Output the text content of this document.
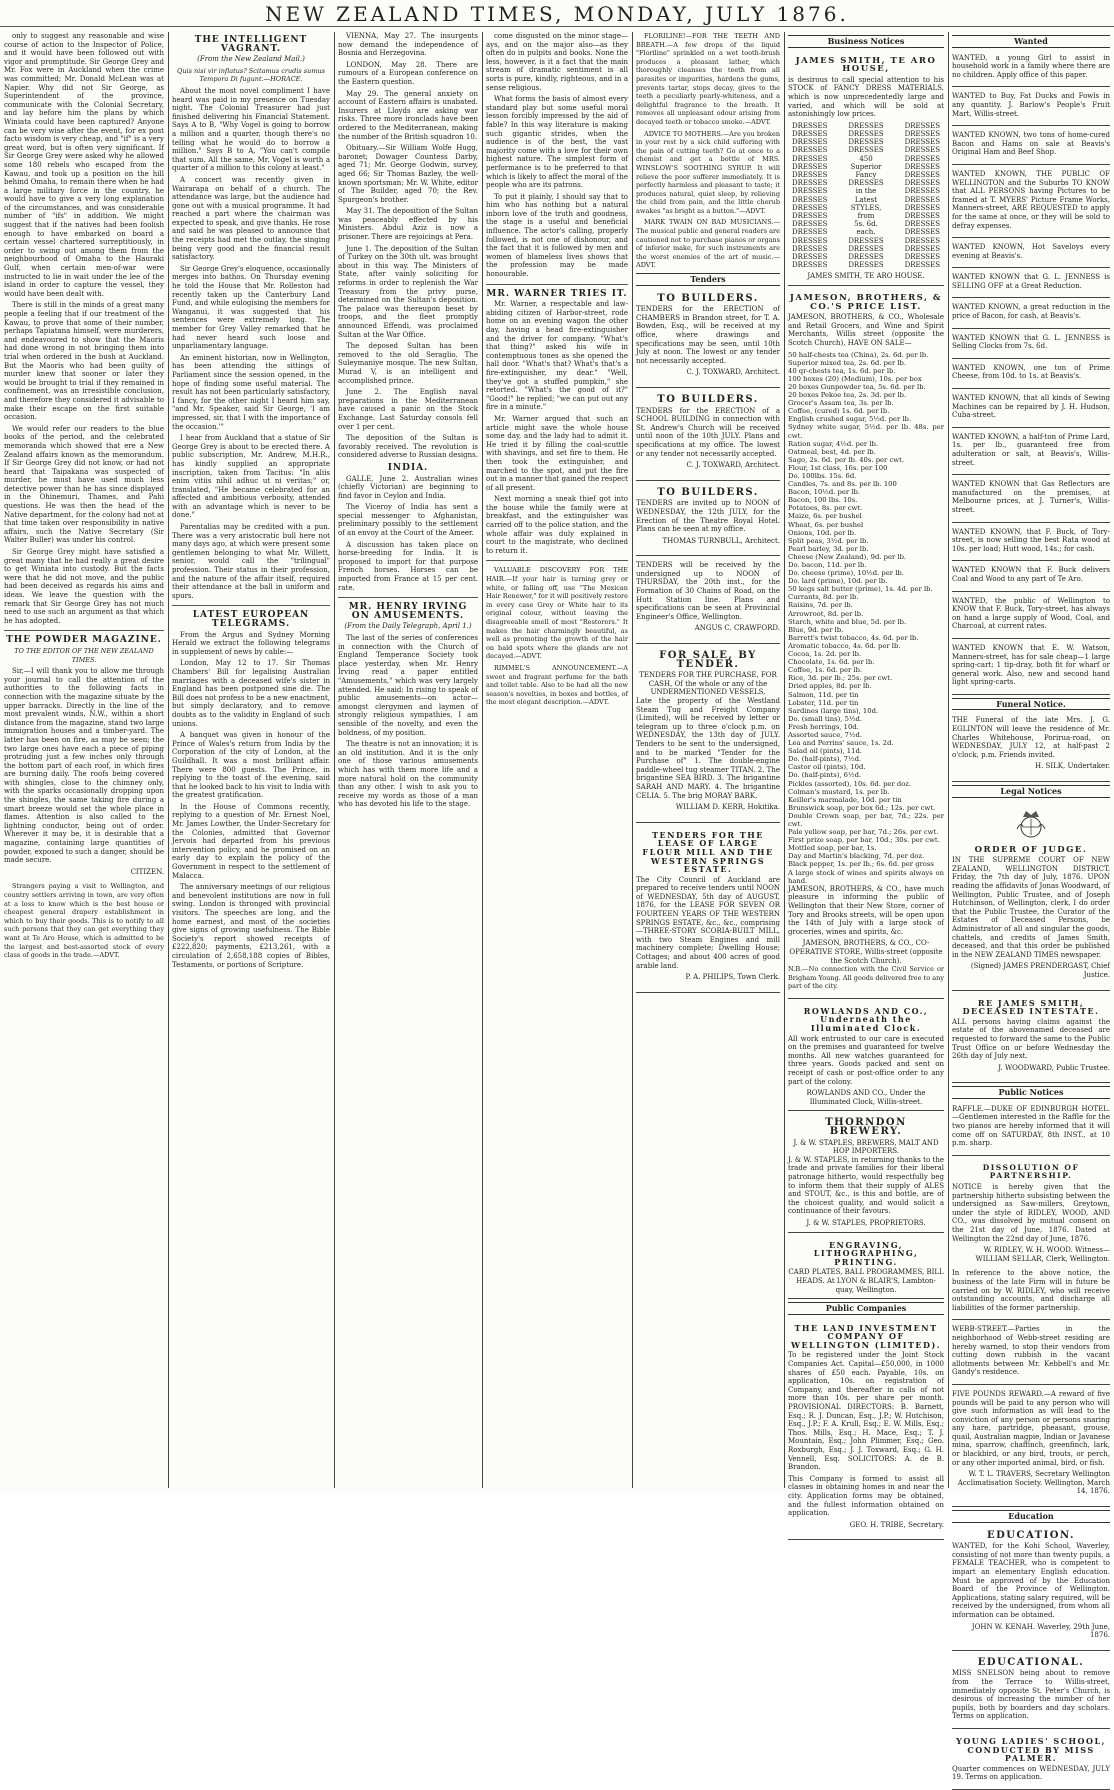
NEW ZEALAND TIMES, MONDAY, JULY 1876.

only to suggest any reasonable and wise course of action to the Inspector of Police, and it would have been followed out with vigor and promptitude. Sir George Grey and Mr. Fox were in Auckland when the crime was committed; Mr. Donald McLean was at Napier. Why did not Sir George, as Superintendent of the province, communicate with the Colonial Secretary, and lay before him the plans by which Winiata could have been captured? Anyone can be very wise after the event, for ex post facto wisdom is very cheap, and "if" is a very great word, but is often very significant. If Sir George Grey were asked why he allowed some 180 rebels who escaped from the Kawau, and took up a position on the hill behind Omaha, to remain there when he had a large military force in the country, he would have to give a very long explanation of the circumstances, and was considerable number of "ifs" in addition. We might suggest that if the natives had been foolish enough to have embarked on board a certain vessel chartered surreptitiously, in order to swing out among them from the neighbourhood of Omaha to the Hauraki Gulf, when certain men-of-war were instructed to lie in wait under the lee of the island in order to capture the vessel, they would have been dealt with.

There is still in the minds of a great many people a feeling that if our treatment of the Kawau, to prove that some of their number, perhaps Tapiatana himself, were murderers, and endeavoured to show that the Maoris had done wrong in not bringing them into trial when ordered in the bush at Auckland. But the Maoris who had been guilty of murder knew that sooner or later they would be brought to trial if they remained in confinement, was an irresistible conclusion, and therefore they considered it advisable to make their escape on the first suitable occasion.

We would refer our readers to the blue books of the period, and the celebrated memoranda which showed that ere a New Zealand affairs known as the memorandum. If Sir George Grey did not know, or had not heard that Taipakana was suspected of murder, he must have used much less detective power than he has since displayed in the Ohinemuri, Thames, and Pahi questions. He was then the head of the Native department, for the colony had not at that time taken over responsibility in native affairs, such the Native Secretary (Sir Walter Buller) was under his control.

Sir George Grey might have satisfied a great many that he had really a great desire to get Winiata into custody. But the facts were that he did not move, and the public had been deceived as regards his aims and ideas. We leave the question with the remark that Sir George Grey has not much need to use such an argument as that which he has adopted.

THE POWDER MAGAZINE.
TO THE EDITOR OF THE NEW ZEALAND TIMES.

Sir,—I will thank you to allow me through your journal to call the attention of the authorities to the following facts in connection with the magazine situate by the upper barracks. Directly in the line of the most prevalent winds, N.W., within a short distance from the magazine, stand two large immigration houses and a timber-yard. The latter has been on fire, as may be seen; the two large ones have each a piece of piping protruding just a few inches only through the bottom part of each roof, in which fires are burning daily. The roofs being covered with shingles, close to the chimney only, with the sparks occasionally dropping upon the shingles, the same taking fire during a smart breeze would set the whole place in flames. Attention is also called to the lightning conductor, being out of order. Wherever it may be, it is desirable that a magazine, containing large quantities of powder, exposed to such a danger, should be made secure.

CITIZEN.

Strangers paying a visit to Wellington, and country settlers arriving in town, are very often at a loss to know which is the best house or cheapest general drapery establishment in which to buy their goods. This is to notify to all such persons that they can get everything they want at Te Aro House, which is admitted to be the largest and best-assorted stock of every class of goods in the trade.—ADVT.

THE INTELLIGENT VAGRANT.
(From the New Zealand Mail.)
Quis nisi vir inflatus? Scitamus crudis sumus Tempora Di fugunt.—HORACE.

About the most novel compliment I have heard was paid in my presence on Tuesday night. The Colonial Treasurer had just finished delivering his Financial Statement. Says A to B, "Why Vogel is going to borrow a million and a quarter, though there's no telling what he would do to borrow a million." Says B to A, "You can't compile that sum. All the same, Mr. Vogel is worth a quarter of a million to this colony at least."

A concert was recently given in Wairarapa on behalf of a church. The attendance was large, but the audience had gone out with a musical programme. It had reached a part where the chairman was expected to speak, and give thanks. He rose and said he was pleased to announce that the receipts had met the outlay, the singing being very good and the financial result satisfactory.

Sir George Grey's eloquence, occasionally merges into bathos. On Thursday evening he told the House that Mr. Rolleston had recently taken up the Canterbury Land Fund, and while eulogising the members for Wanganui, it was suggested that his sentences were extremely long. The member for Grey Valley remarked that he had never heard such loose and unparliamentary language.

An eminent historian, now in Wellington, has been attending the sittings of Parliament since the session opened, in the hope of finding some useful material. The result has not been particularly satisfactory, I fancy, for the other night I heard him say, "and Mr. Speaker, said Sir George, 'I am impressed, sir, that I with the importance of the occasion.'"

I hear from Auckland that a statue of Sir George Grey is about to be erected there. A public subscription, Mr. Andrew, M.H.R., has kindly supplied an appropriate inscription, taken from Tacitus: "In aliis enim vitiis nihil adhuc ut ni veritas;" or, translated, "He became celebrated for an affected and ambitious verbosity, attended with an advantage which is never to be done."

Parentalias may be credited with a pun. There was a very aristocratic bull here not many days ago, at which were present some gentlemen belonging to what Mr. Willett, senior, would call the "trilingual" profession. Their status in their profession, and the nature of the affair itself, required their attendance at the ball in uniform and spurs.

LATEST EUROPEAN TELEGRAMS.

From the Argus and Sydney Morning Herald we extract the following telegrams in supplement of news by cable:—

London, May 12 to 17. Sir Thomas Chambers' Bill for legalising Australian marriages with a deceased wife's sister in England has been postponed sine die. The Bill does not profess to be a new enactment, but simply declaratory, and to remove doubts as to the validity in England of such unions.

A banquet was given in honour of the Prince of Wales's return from India by the Corporation of the city of London, at the Guildhall. It was a most brilliant affair. There were 800 guests. The Prince, in replying to the toast of the evening, said that he looked back to his visit to India with the greatest gratification.

In the House of Commons recently, replying to a question of Mr. Ernest Noel, Mr. James Lowther, the Under-Secretary for the Colonies, admitted that Governor Jervois had departed from his previous intervention policy, and he promised on an early day to explain the policy of the Government in respect to the settlement of Malacca.

The anniversary meetings of our religious and benevolent institutions are now in full swing. London is thronged with provincial visitors. The speeches are long, and the home earnest, and most of the societies give signs of growing usefulness. The Bible Society's report showed receipts of £222,820; payments, £213,261, with a circulation of 2,658,188 copies of Bibles, Testaments, or portions of Scripture.

VIENNA, May 27. The insurgents now demand the independence of Bosnia and Herzegovina.

LONDON, May 28. There are rumours of a European conference on the Eastern question.

May 29. The general anxiety on account of Eastern affairs is unabated. Insurers at Lloyds are asking war risks. Three more ironclads have been ordered to the Mediterranean, making the number of the British squadron 10.

Obituary.—Sir William Wolfe Hugg, baronet; Dowager Countess Darby, aged 71; Mr. George Godwin, survey, aged 66; Sir Thomas Bazley, the well-known sportsman; Mr. W. White, editor of The Builder, aged 70; the Rev. Spurgeon's brother.

May 31. The deposition of the Sultan was peaceably effected by his Ministers. Abdul Aziz is now a prisoner. There are rejoicings at Pera.

June 1. The deposition of the Sultan of Turkey on the 30th ult. was brought about in this way. The Ministers of State, after vainly soliciting for reforms in order to replenish the War Treasury from the privy purse, determined on the Sultan's deposition. The palace was thereupon beset by troops, and the fleet promptly announced Effendi, was proclaimed Sultan at the War Office.

The deposed Sultan has been removed to the old Seraglio. The Suleymaniye mosque. The new Sultan, Murad V, is an intelligent and accomplished prince.

June 2. The English naval preparations in the Mediterranean have caused a panic on the Stock Exchange. Last Saturday consols fell over 1 per cent.

The deposition of the Sultan is favorably received. The revolution is considered adverse to Russian designs.

INDIA.

GALLE, June 2. Australian wines (chiefly Victorian) are beginning to find favor in Ceylon and India.

The Viceroy of India has sent a special messenger to Afghanistan, preliminary possibly to the settlement of an envoy at the Court of the Ameer.

A discussion has taken place on horse-breeding for India. It is proposed to import for that purpose French horses. Horses can be imported from France at 15 per cent. rate.

MR. HENRY IRVING ON AMUSEMENTS.
(From the Daily Telegraph, April 1.)

The last of the series of conferences in connection with the Church of England Temperance Society took place yesterday, when Mr. Henry Irving read a paper entitled "Amusements," which was very largely attended. He said: In rising to speak of public amusements—on actor—amongst clergymen and laymen of strongly religious sympathies, I am sensible of the novelty, and even the boldness, of my position.

The theatre is not an innovation; it is an old institution. And it is the only one of those various amusements which has with them more life and a more natural hold on the community than any other. I wish to ask you to receive my words as those of a man who has devoted his life to the stage.

come disgusted on the minor stage—ays, and on the major also—as they often do in pulpits and books. None the less, however, is it a fact that the main stream of dramatic sentiment is all sorts is pure, kindly, righteous, and in a sense religious.

What forms the basis of almost every standard play but some useful moral lesson forcibly impressed by the aid of fable? In this way literature is making such gigantic strides, when the audience is of the best, the vast majority come with a love for their own highest nature. The simplest form of performance is to be preferred to that which is likely to affect the moral of the people who are its patrons.

To put it plainly, I should say that to him who has nothing but a natural inborn love of the truth and goodness, the stage is a useful and beneficial influence. The actor's calling, properly followed, is not one of dishonour, and the fact that it is followed by men and women of blameless lives shows that the profession may be made honourable.

MR. WARNER TRIES IT.

Mr. Warner, a respectable and law-abiding citizen of Harbor-street, rode home on an evening wagon the other day, having a head fire-extinguisher and the driver for company. "What's that thing?" asked his wife in contemptuous tones as she opened the hall door. "What's that? What's that's a fire-extinguisher, my dear." "Well, they've got a stuffed pumpkin," she retorted. "What's the good of it?" "Good!" he replied; "we can put out any fire in a minute."

Mr. Warner argued that such an article might save the whole house some day, and the lady had to admit it. He tried it by filling the coal-scuttle with shavings, and set fire to them. He then took the extinguisher, and marched to the spot, and put the fire out in a manner that gained the respect of all present.

Next morning a sneak thief got into the house while the family were at breakfast, and the extinguisher was carried off to the police station, and the whole affair was duly explained in court to the magistrate, who declined to return it.

VALUABLE DISCOVERY FOR THE HAIR.—If your hair is turning grey or white, or falling off, use "The Mexican Hair Renewer," for it will positively restore in every case Grey or White hair to its original colour, without leaving the disagreeable smell of most "Restorers." It makes the hair charmingly beautiful, as well as promoting the growth of the hair on bald spots where the glands are not decayed.—ADVT.

RIMMEL'S ANNOUNCEMENT.—A sweet and fragrant perfume for the bath and toilet table. Also to be had all the new season's novelties, in boxes and bottles, of the most elegant description.—ADVT.

FLORILINE!—FOR THE TEETH AND BREATH.—A few drops of the liquid "Floriline" sprinkled on a wet tooth-brush produces a pleasant lather, which thoroughly cleanses the teeth from all parasites or impurities, hardens the gums, prevents tartar, stops decay, gives to the teeth a peculiarly pearly-whiteness, and a delightful fragrance to the breath. It removes all unpleasant odour arising from decayed teeth or tobacco smoke.—ADVT.

ADVICE TO MOTHERS.—Are you broken in your rest by a sick child suffering with the pain of cutting teeth? Go at once to a chemist and get a bottle of MRS. WINSLOW'S SOOTHING SYRUP. It will relieve the poor sufferer immediately. It is perfectly harmless and pleasant to taste; it produces natural, quiet sleep, by relieving the child from pain, and the little cherub awakes "as bright as a button."—ADVT.

MARK TWAIN ON BAD MUSICIANS.—The musical public and general readers are cautioned not to purchase pianos or organs of inferior make, for such instruments are the worst enemies of the art of music.—ADVT.

Tenders
TO BUILDERS.

TENDERS for the ERECTION of CHAMBERS in Brandon street, for T. A. Bowden, Esq., will be received at my office, where drawings and specifications may be seen, until 10th July at noon. The lowest or any tender not necessarily accepted.

C. J. TOXWARD, Architect.
TO BUILDERS.

TENDERS for the ERECTION of a SCHOOL BUILDING in connection with St. Andrew's Church will be received until noon of the 10th JULY. Plans and specifications at my office. The lowest or any tender not necessarily accepted.

C. J. TOXWARD, Architect.
TO BUILDERS.

TENDERS are invited up to NOON of WEDNESDAY, the 12th JULY, for the Erection of the Theatre Royal Hotel. Plans can be seen at my office.

THOMAS TURNBULL, Architect.

TENDERS will be received by the undersigned up to NOON of THURSDAY, the 20th inst., for the Formation of 30 Chains of Road, on the Hutt Station line. Plans and specifications can be seen at Provincial Engineer's Office, Wellington.

ANGUS C. CRAWFORD.
FOR SALE, BY TENDER.
TENDERS FOR THE PURCHASE, FOR CASH, Of the whole or any of the UNDERMENTIONED VESSELS,

Late the property of the Westland Steam Tug and Freight Company (Limited), will be received by letter or telegram up to three o'clock p.m. on WEDNESDAY, the 13th day of JULY. Tenders to be sent to the undersigned, and to be marked "Tender for the Purchase of" 1. The double-engine paddle-wheel tug steamer TITAN. 2. The brigantine SEA BIRD. 3. The brigantine SARAH AND MARY. 4. The brigantine CELIA. 5. The brig MORAY BARK.

WILLIAM D. KERR, Hokitika.
TENDERS FOR THE LEASE OF LARGE FLOUR MILL AND THE WESTERN SPRINGS ESTATE.

The City Council of Auckland are prepared to receive tenders until NOON of WEDNESDAY, 5th day of AUGUST, 1876, for the LEASE FOR SEVEN OR FOURTEEN YEARS OF THE WESTERN SPRINGS ESTATE, &c., &c., comprising—THREE-STORY SCORIA-BUILT MILL, with two Steam Engines and mill machinery complete; Dwelling House; Cottages; and about 400 acres of good arable land.

P. A. PHILIPS, Town Clerk.
Business Notices
JAMES SMITH, TE ARO HOUSE,

is desirous to call special attention to his STOCK of FANCY DRESS MATERIALS, which is now unprecedentedly large and varied, and which will be sold at astonishingly low prices.

DRESSES	DRESSES	DRESSES
DRESSES	DRESSES	DRESSES
DRESSES	DRESSES	DRESSES
DRESSES	DRESSES	DRESSES
DRESSES	450	DRESSES
DRESSES	Superior	DRESSES
DRESSES	Fancy	DRESSES
DRESSES	DRESSES	DRESSES
DRESSES	in the	DRESSES
DRESSES	Latest	DRESSES
DRESSES	STYLES,	DRESSES
DRESSES	from	DRESSES
DRESSES	5s. 6d.	DRESSES
DRESSES	each.	DRESSES
DRESSES	DRESSES	DRESSES
DRESSES	DRESSES	DRESSES
DRESSES	DRESSES	DRESSES
DRESSES	DRESSES	DRESSES
JAMES SMITH, TE ARO HOUSE.
JAMESON, BROTHERS, & CO.'S PRICE LIST.

JAMESON, BROTHERS, & CO., Wholesale and Retail Grocers, and Wine and Spirit Merchants, Willis street (opposite the Scotch Church), HAVE ON SALE—

50 half-chests tea (China), 2s. 6d. per lb.
Superior mixed tea, 2s. 6d. per lb.
40 qr-chests tea, 1s. 6d. per lb.
100 boxes (20) (Medium), 10s. per box
20 boxes Gunpowder tea, 5s. 6d. per lb.
20 boxes Pekoe tea, 2s. 3d. per lb.
Grocer's Assam tea, 3s. per lb.
Coffee, (cured) 1s. 6d. per lb.
English crushed sugar, 5½d. per lb.
Sydney white sugar, 5½d. per lb. 48s. per cwt.
Ration sugar, 4½d. per lb.
Oatmeal, best, 4d. per lb.
Sago, 2s. 6d. per lb. 40s. per cwt.
Flour, 1st class, 16s. per 100
Do. 100lbs. 15s. 6d.
Candles, 7s. and 8s. per lb. 100
Bacon, 10½d. per lb.
Bacon, 100 lbs. 10s.
Potatoes, 8s. per cwt.
Maize, 6s. per bushel
Wheat, 6s. per bushel
Onions, 10d. per lb.
Split peas, 3½d. per lb.
Pearl barley, 3d. per lb.
Cheese (New Zealand), 9d. per lb.
Do. bacon, 11d. per lb.
Do. cheese (prime), 10½d. per lb.
Do. lard (prime), 10d. per lb.
50 kegs salt butter (prime), 1s. 4d. per lb.
Currants, 8d. per lb.
Raisins, 7d. per lb.
Arrowroot, 8d. per lb.
Starch, white and blue, 5d. per lb.
Blue, 9d. per lb.
Barrett's twist tobacco, 4s. 6d. per lb.
Aromatic tobacco, 4s. 6d. per lb.
Cocoa, 1s. 2d. per lb.
Chocolate, 1s. 6d. per lb.
Coffee, 1s. 6d. per lb.
Rice, 3d. per lb.; 25s. per cwt.
Dried apples, 8d. per lb.
Salmon, 11d. per tin
Lobster, 11d. per tin
Sardines (large tins), 10d.
Do. (small tins), 5½d.
Fresh herrings, 10d.
Assorted sauce, 7½d.
Lea and Perrins' sauce, 1s. 2d.
Salad oil (pints), 11d.
Do. (half-pints), 7½d.
Castor oil (pints), 10d.
Do. (half-pints), 6½d.
Pickles (assorted), 10s. 6d. per doz.
Colman's mustard, 1s. per lb.
Keiller's marmalade, 10d. per tin
Brunswick soap, per box 6d.; 12s. per cwt.
Double Crown soap, per bar, 7d.; 22s. per cwt.
Pale yellow soap, per bar, 7d.; 26s. per cwt.
First prize soap, per bar, 10d.; 30s. per cwt.
Mottled soap, per bar, 1s.
Day and Martin's blacking, 7d. per doz.
Black pepper, 1s. per lb.; 6s. 6d. per gross
A large stock of wines and spirits always on hand.

JAMESON, BROTHERS, & CO., have much pleasure in informing the public of Wellington that their New Store, corner of Tory and Brooks streets, will be open upon the 14th of July with a large stock of groceries, wines and spirits, &c.

JAMESON, BROTHERS, & CO., CO-OPERATIVE STORE, Willis-street (opposite the Scotch Church).

N.B.—No connection with the Civil Service or Brigham Young. All goods delivered free to any part of the city.

ROWLANDS AND CO., Underneath the Illuminated Clock.

All work entrusted to our care is executed on the premises and guaranteed for twelve months. All new watches guaranteed for three years. Goods packed and sent on receipt of cash or post-office order to any part of the colony.

ROWLANDS AND CO., Under the Illuminated Clock, Willis-street.
THORNDON BREWERY.
J. & W. STAPLES, BREWERS, MALT AND HOP IMPORTERS.

J. & W. STAPLES, in returning thanks to the trade and private families for their liberal patronage hitherto, would respectfully beg to inform them that their supply of ALES and STOUT, &c., is this and bottle, are of the choicest quality, and would solicit a continuance of their favours.

J. & W. STAPLES, PROPRIETORS.
ENGRAVING, LITHOGRAPHING, PRINTING.
CARD PLATES, BALL PROGRAMMES, BILL HEADS. At LYON & BLAIR'S, Lambton-quay, Wellington.
Public Companies
THE LAND INVESTMENT COMPANY OF WELLINGTON (LIMITED).

To be registered under the Joint Stock Companies Act. Capital—£50,000, in 1000 shares of £50 each. Payable, 10s. on application, 10s. on registration of Company, and thereafter in calls of not more than 10s. per share per month. PROVISIONAL DIRECTORS: B. Barnett, Esq.; R. J. Duncan, Esq., J.P.; W. Hutchison, Esq., J.P.; F. A. Krull, Esq.; E. W. Mills, Esq.; Thos. Mills, Esq.; H. Mace, Esq.; T. J. Mountain, Esq.; John Plimmer, Esq.; Geo. Roxburgh, Esq.; J. J. Toxward, Esq.; G. H. Vennell, Esq. SOLICITORS: A. de B. Brandon.

This Company is formed to assist all classes in obtaining homes in and near the city. Application forms may be obtained, and the fullest information obtained on application.

GEO. H. TRIBE, Secretary.
Wanted

WANTED, a young Girl to assist in household work in a family where there are no children. Apply office of this paper.

WANTED to Buy, Fat Ducks and Fowls in any quantity. J. Barlow's People's Fruit Mart, Willis-street.

WANTED KNOWN, two tons of home-cured Bacon and Hams on sale at Beavis's Original Ham and Beef Shop.

WANTED KNOWN, THE PUBLIC OF WELLINGTON and the Suburbs TO KNOW that ALL PERSONS having Pictures to be framed at T. MYERS' Picture Frame Works, Manners-street, ARE REQUESTED to apply for the same at once, or they will be sold to defray expenses.

WANTED KNOWN, Hot Saveloys every evening at Beavis's.

WANTED KNOWN that G. L. JENNESS is SELLING OFF at a Great Reduction.

WANTED KNOWN, a great reduction in the price of Bacon, for cash, at Beavis's.

WANTED KNOWN that G. L. JENNESS is Selling Clocks from 7s. 6d.

WANTED KNOWN, one ton of Prime Cheese, from 10d. to 1s. at Beavis's.

WANTED KNOWN, that all kinds of Sewing Machines can be repaired by J. H. Hudson, Cuba-street.

WANTED KNOWN, a half-ton of Prime Lard, 1s. per lb., guaranteed free from adulteration or salt, at Beavis's, Willis-street.

WANTED KNOWN that Gas Reflectors are manufactured on the premises, at Melbourne prices, at J. Turner's, Willis-street.

WANTED KNOWN, that F. Buck, of Tory-street, is now selling the best Rata wood at 10s. per load; Hutt wood, 14s.; for cash.

WANTED KNOWN that F. Buck delivers Coal and Wood to any part of Te Aro.

WANTED, the public of Wellington to KNOW that F. Buck, Tory-street, has always on hand a large supply of Wood, Coal, and Charcoal, at current rates.

WANTED KNOWN that E. W. Watson, Manners-street, has for sale cheap—1 large spring-cart; 1 tip-dray, both fit for wharf or general work. Also, new and second hand light spring-carts.

Funeral Notice.

THE Funeral of the late Mrs. J. G. EGLINTON will leave the residence of Mr. Charles Whitehouse, Porirua-road, on WEDNESDAY, JULY 12, at half-past 2 o'clock, p.m. Friends invited.

H. SILK, Undertaker.
Legal Notices
ORDER OF JUDGE.

IN THE SUPREME COURT OF NEW ZEALAND, WELLINGTON DISTRICT. Friday, the 7th day of July, 1876. UPON reading the affidavits of Jonas Woodward, of Wellington, Public Trustee, and of Joseph Hutchinson, of Wellington, clerk, I do order that the Public Trustee, the Curator of the Estates of Deceased Persons, be Administrator of all and singular the goods, chattels, and credits of James Smith, deceased, and that this order be published in the NEW ZEALAND TIMES newspaper.

(Signed) JAMES PRENDERGAST, Chief Justice.
RE JAMES SMITH, DECEASED INTESTATE.

ALL persons having claims against the estate of the abovenamed deceased are requested to forward the same to the Public Trust Office on or before Wednesday the 26th day of July next.

J. WOODWARD, Public Trustee.
Public Notices

RAFFLE.—DUKE OF EDINBURGH HOTEL.—Gentlemen interested in the Raffle for the two pianos are hereby informed that it will come off on SATURDAY, 8th INST., at 10 p.m. sharp.

DISSOLUTION OF PARTNERSHIP.

NOTICE is hereby given that the partnership hitherto subsisting between the undersigned as Saw-millers, Greytown, under the style of RIDLEY, WOOD, AND CO., was dissolved by mutual consent on the 21st day of June, 1876. Dated at Wellington the 22nd day of June, 1876.

W. RIDLEY, W. H. WOOD. Witness—WILLIAM SELLAR, Clerk, Wellington.

In reference to the above notice, the business of the late Firm will in future be carried on by W. RIDLEY, who will receive outstanding accounts, and discharge all liabilities of the former partnership.

WEBB-STREET.—Parties in the neighborhood of Webb-street residing are hereby warned, to stop their vendors from cutting down rubbish in the vacant allotments between Mr. Kebbell's and Mr. Gandy's residence.

FIVE POUNDS REWARD.—A reward of five pounds will be paid to any person who will give such information as will lead to the conviction of any person or persons snaring any hare, partridge, pheasant, grouse, quail, Australian magpie, Indian or Javanese mina, sparrow, chaffinch, greenfinch, lark, or blackbird, or any bird, trouts, or perch, or any other imported animal, bird, or fish.

W. T. L. TRAVERS, Secretary Wellington Acclimatisation Society. Wellington, March 14, 1876.
Education
EDUCATION.

WANTED, for the Kohi School, Waverley, consisting of not more than twenty pupils, a FEMALE TEACHER, who is competent to impart an elementary English education. Must be approved of by the Education Board of the Province of Wellington. Applications, stating salary required, will be received by the undersigned, from whom all information can be obtained.

JOHN W. KENAH. Waverley, 29th June, 1876.
EDUCATIONAL.

MISS SNELSON being about to remove from the Terrace to Willis-street, immediately opposite St. Peter's Church, is desirous of increasing the number of her pupils, both by boarders and day scholars. Terms on application.

YOUNG LADIES' SCHOOL, CONDUCTED BY MISS PALMER.

Quarter commences on WEDNESDAY, JULY 19. Terms on application.
